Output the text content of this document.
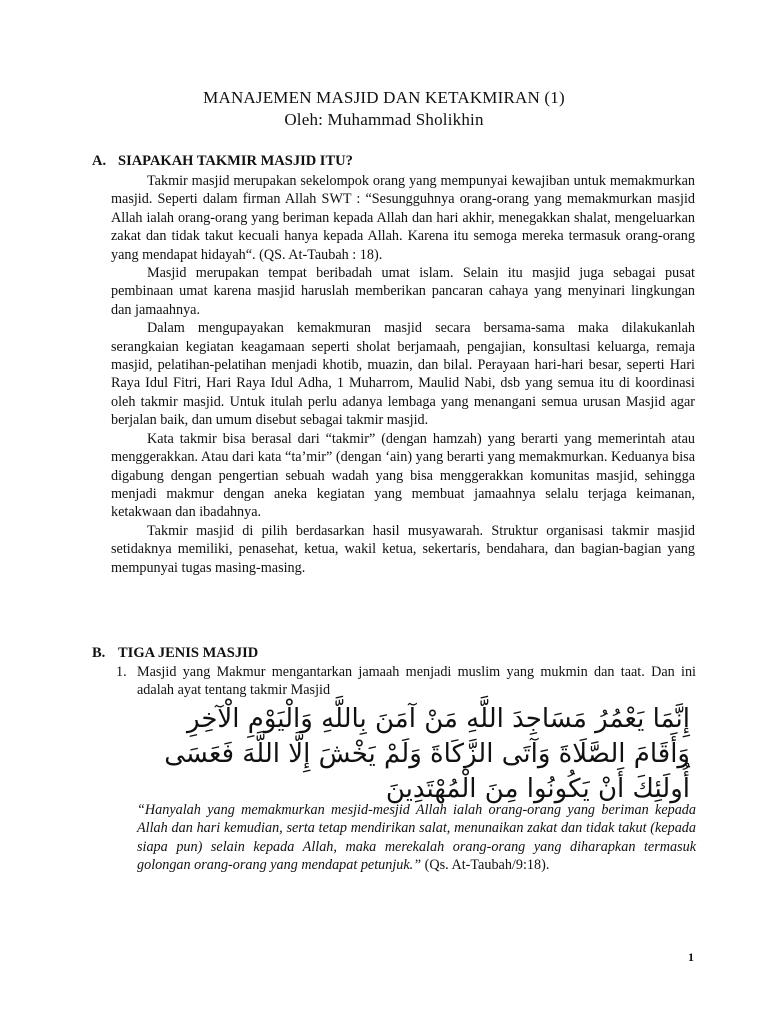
MANAJEMEN MASJID DAN KETAKMIRAN (1)
Oleh: Muhammad Sholikhin
A. SIAPAKAH TAKMIR MASJID ITU?

Takmir masjid merupakan sekelompok orang yang mempunyai kewajiban untuk memakmurkan masjid. Seperti dalam firman Allah SWT : “Sesungguhnya orang-orang yang memakmurkan masjid Allah ialah orang-orang yang beriman kepada Allah dan hari akhir, menegakkan shalat, mengeluarkan zakat dan tidak takut kecuali hanya kepada Allah. Karena itu semoga mereka termasuk orang-orang yang mendapat hidayah“. (QS. At-Taubah : 18).

Masjid merupakan tempat beribadah umat islam. Selain itu masjid juga sebagai pusat pembinaan umat karena masjid haruslah memberikan pancaran cahaya yang menyinari lingkungan dan jamaahnya.

Dalam mengupayakan kemakmuran masjid secara bersama-sama maka dilakukanlah serangkaian kegiatan keagamaan seperti sholat berjamaah, pengajian, konsultasi keluarga, remaja masjid, pelatihan-pelatihan menjadi khotib, muazin, dan bilal. Perayaan hari-hari besar, seperti Hari Raya Idul Fitri, Hari Raya Idul Adha, 1 Muharrom, Maulid Nabi, dsb yang semua itu di koordinasi oleh takmir masjid. Untuk itulah perlu adanya lembaga yang menangani semua urusan Masjid agar berjalan baik, dan umum disebut sebagai takmir masjid.

Kata takmir bisa berasal dari “takmir” (dengan hamzah) yang berarti yang memerintah atau menggerakkan. Atau dari kata “ta’mir” (dengan ‘ain) yang berarti yang memakmurkan. Keduanya bisa digabung dengan pengertian sebuah wadah yang bisa menggerakkan komunitas masjid, sehingga menjadi makmur dengan aneka kegiatan yang membuat jamaahnya selalu terjaga keimanan, ketakwaan dan ibadahnya.

Takmir masjid di pilih berdasarkan hasil musyawarah. Struktur organisasi takmir masjid setidaknya memiliki, penasehat, ketua, wakil ketua, sekertaris, bendahara, dan bagian-bagian yang mempunyai tugas masing-masing.

B. TIGA JENIS MASJID
1. Masjid yang Makmur mengantarkan jamaah menjadi muslim yang mukmin dan taat. Dan ini adalah ayat tentang takmir Masjid
إِنَّمَا يَعْمُرُ مَسَاجِدَ اللَّهِ مَنْ آمَنَ بِاللَّهِ وَالْيَوْمِ الْآخِرِ وَأَقَامَ الصَّلَاةَ وَآتَى الزَّكَاةَ وَلَمْ يَخْشَ إِلَّا اللَّهَ فَعَسَى أُولَئِكَ أَنْ يَكُونُوا مِنَ الْمُهْتَدِينَ
“Hanyalah yang memakmurkan mesjid-mesjid Allah ialah orang-orang yang beriman kepada Allah dan hari kemudian, serta tetap mendirikan salat, menunaikan zakat dan tidak takut (kepada siapa pun) selain kepada Allah, maka merekalah orang-orang yang diharapkan termasuk golongan orang-orang yang mendapat petunjuk.” (Qs. At-Taubah/9:18).
1
